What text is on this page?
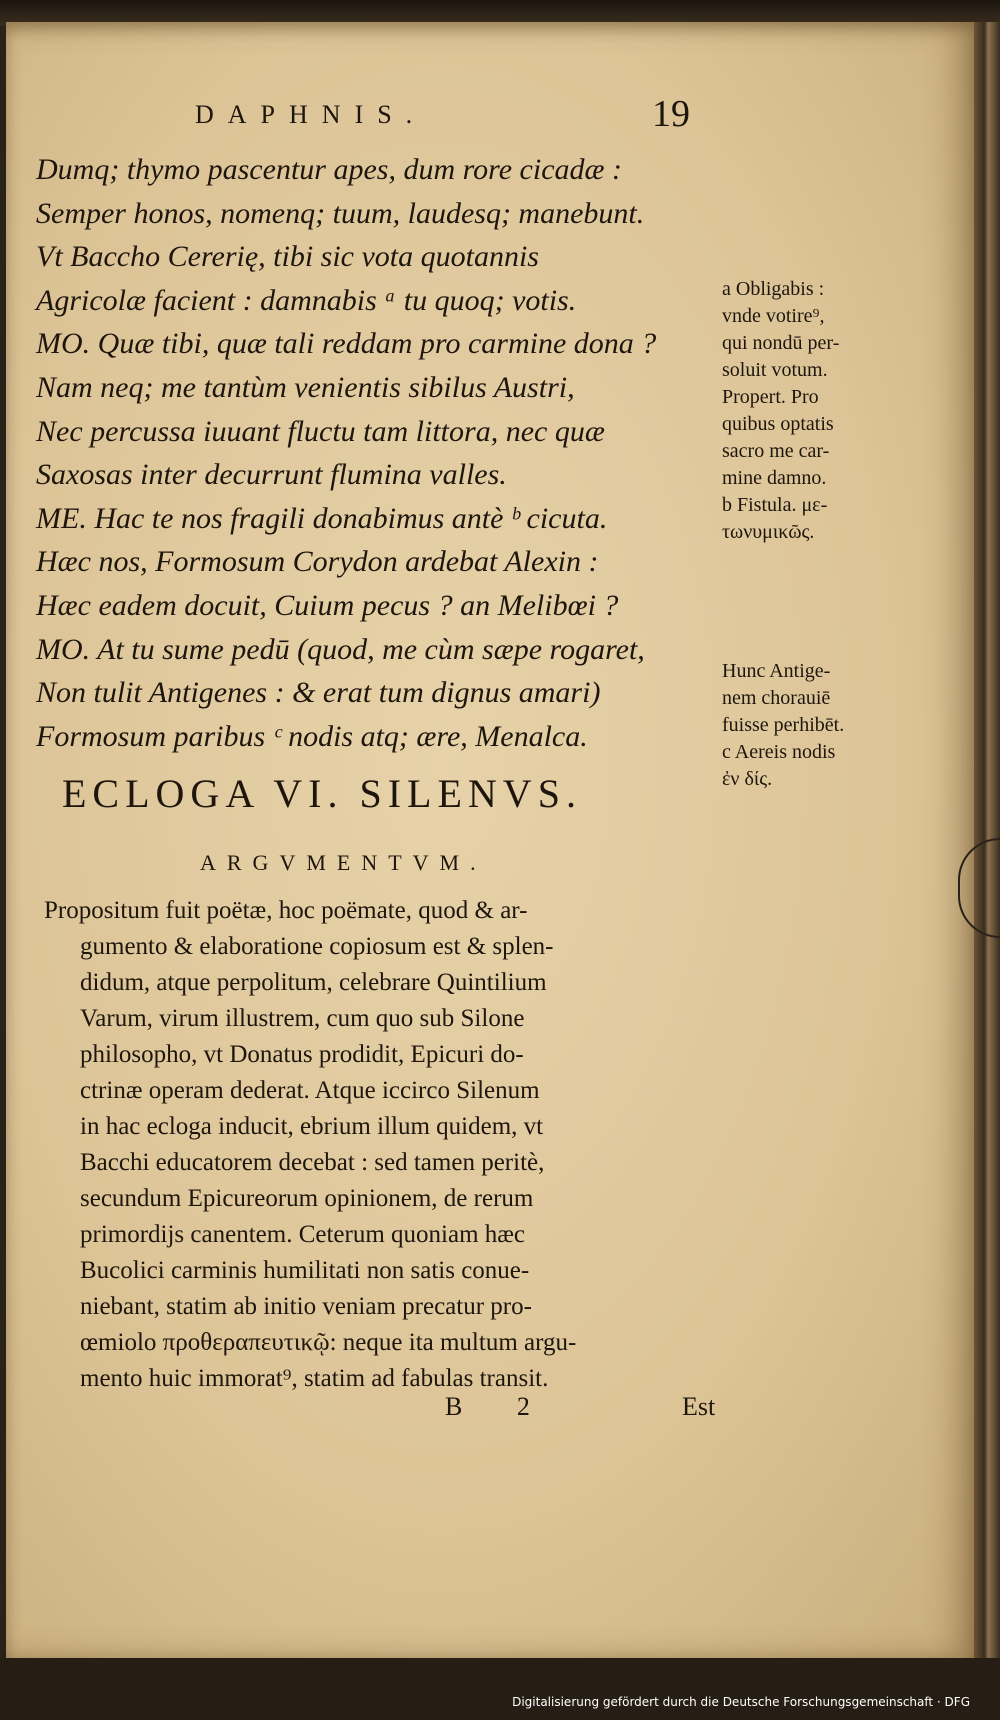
DAPHNIS.	19
Dumq; thymo pascentur apes, dum rore cicadæ :
Semper honos, nomenq; tuum, laudesq; manebunt.
Vt Baccho Cererię, tibi sic vota quotannis
Agricolæ facient : damnabis ᵃ tu quoq; votis.
MO. Quæ tibi, quæ tali reddam pro carmine dona ?
Nam neq; me tantùm venientis sibilus Austri,
Nec percussa iuuant fluctu tam littora, nec quæ
Saxosas inter decurrunt flumina valles.
ME. Hac te nos fragili donabimus antè ᵇ cicuta.
Hæc nos, Formosum Corydon ardebat Alexin :
Hæc eadem docuit, Cuium pecus ? an Melibœi ?
MO. At tu sume pedū (quod, me cùm sæpe rogaret,
Non tulit Antigenes : & erat tum dignus amari)
Formosum paribus ᶜ nodis atq; ære, Menalca.
a Obligabis :
vnde votire⁹,
qui nondū per-
soluit votum.
Propert. Pro
quibus optatis
sacro me car-
mine damno.
b Fistula. με-
τωνυμικῶς.
Hunc Antige-
nem chorauiē
fuisse perhibēt.
c Aereis nodis
ἐν δίς.
ECLOGA VI. SILENVS.
ARGVMENTVM.
Propositum fuit poëtæ, hoc poëmate, quod & ar-
gumento & elaboratione copiosum est & splen-
didum, atque perpolitum, celebrare Quintilium
Varum, virum illustrem, cum quo sub Silone
philosopho, vt Donatus prodidit, Epicuri do-
ctrinæ operam dederat. Atque iccirco Silenum
in hac ecloga inducit, ebrium illum quidem, vt
Bacchi educatorem decebat : sed tamen peritè,
secundum Epicureorum opinionem, de rerum
primordijs canentem. Ceterum quoniam hæc
Bucolici carminis humilitati non satis conue-
niebant, statim ab initio veniam precatur pro-
œmiolo προθεραπευτικῷ: neque ita multum argu-
mento huic immorat⁹, statim ad fabulas transit.
B 2	Est
Digitalisierung gefördert durch die Deutsche Forschungsgemeinschaft · DFG
